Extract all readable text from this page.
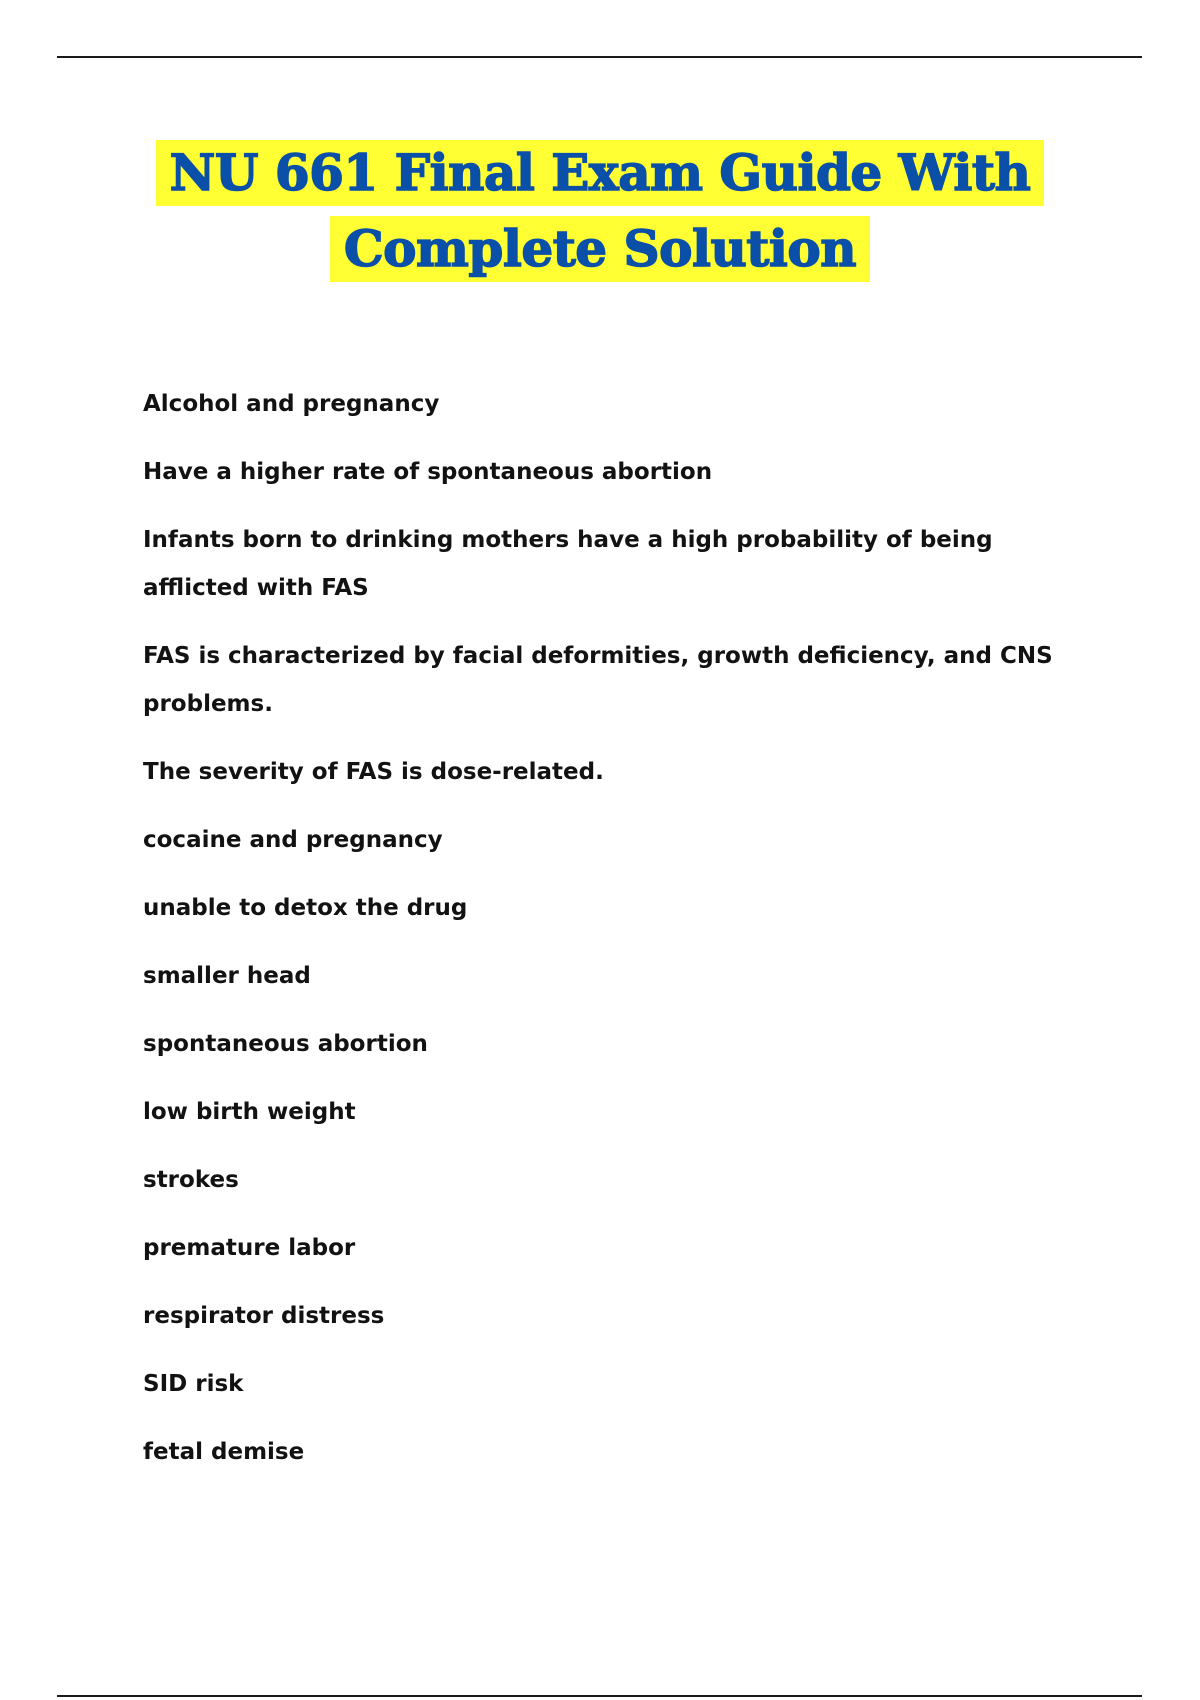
NU 661 Final Exam Guide With
Complete Solution

Alcohol and pregnancy

Have a higher rate of spontaneous abortion

Infants born to drinking mothers have a high probability of being afflicted with FAS

FAS is characterized by facial deformities, growth deficiency, and CNS problems.

The severity of FAS is dose-related.

cocaine and pregnancy

unable to detox the drug

smaller head

spontaneous abortion

low birth weight

strokes

premature labor

respirator distress

SID risk

fetal demise
